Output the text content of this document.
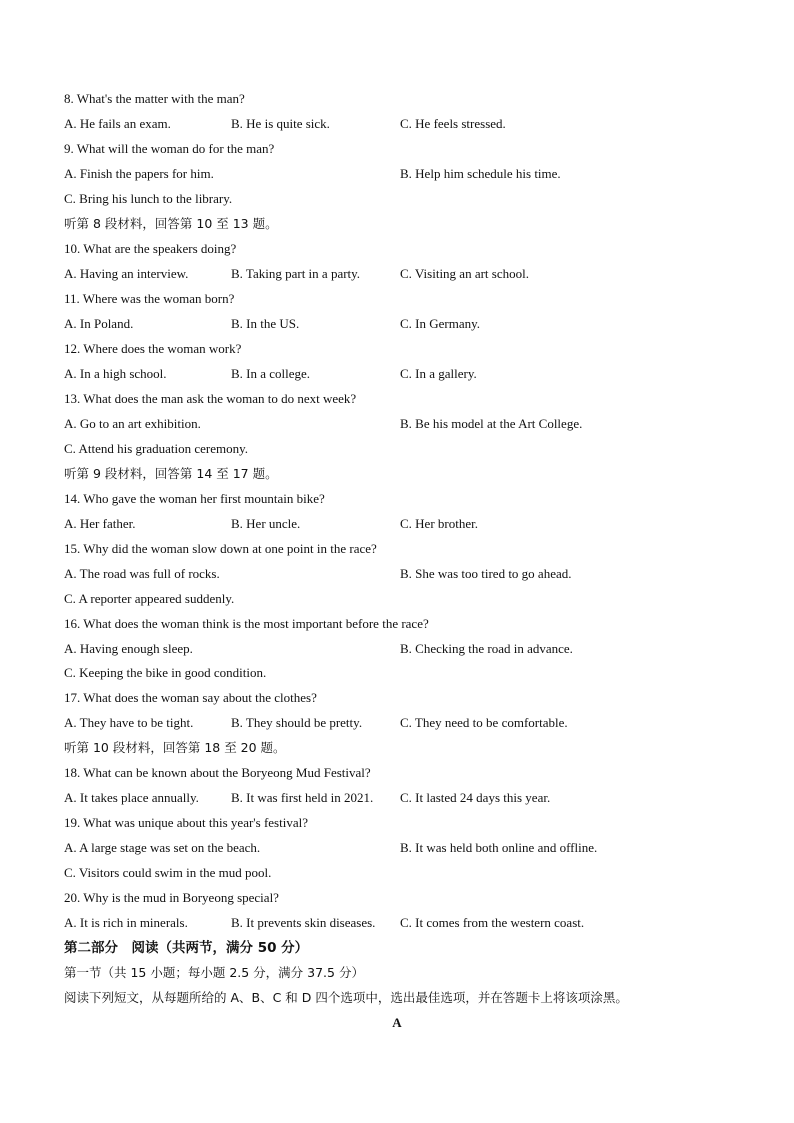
8. What's the matter with the man?
A. He fails an exam.	B. He is quite sick.	C. He feels stressed.
9. What will the woman do for the man?
A. Finish the papers for him.	B. Help him schedule his time.
C. Bring his lunch to the library.
听第 8 段材料，回答第 10 至 13 题。
10. What are the speakers doing?
A. Having an interview.	B. Taking part in a party.	C. Visiting an art school.
11. Where was the woman born?
A. In Poland.	B. In the US.	C. In Germany.
12. Where does the woman work?
A. In a high school.	B. In a college.	C. In a gallery.
13. What does the man ask the woman to do next week?
A. Go to an art exhibition.	B. Be his model at the Art College.
C. Attend his graduation ceremony.
听第 9 段材料，回答第 14 至 17 题。
14. Who gave the woman her first mountain bike?
A. Her father.	B. Her uncle.	C. Her brother.
15. Why did the woman slow down at one point in the race?
A. The road was full of rocks.	B. She was too tired to go ahead.
C. A reporter appeared suddenly.
16. What does the woman think is the most important before the race?
A. Having enough sleep.	B. Checking the road in advance.
C. Keeping the bike in good condition.
17. What does the woman say about the clothes?
A. They have to be tight.	B. They should be pretty.	C. They need to be comfortable.
听第 10 段材料，回答第 18 至 20 题。
18. What can be known about the Boryeong Mud Festival?
A. It takes place annually. B. It was first held in 2021. C. It lasted 24 days this year.
19. What was unique about this year's festival?
A. A large stage was set on the beach.	B. It was held both online and offline.
C. Visitors could swim in the mud pool.
20. Why is the mud in Boryeong special?
A. It is rich in minerals.	B. It prevents skin diseases. C. It comes from the western coast.
第二部分　阅读（共两节，满分 50 分）
第一节（共 15 小题；每小题 2.5 分，满分 37.5 分）
阅读下列短文，从每题所给的 A、B、C 和 D 四个选项中，选出最佳选项，并在答题卡上将该项涂黑。
A
